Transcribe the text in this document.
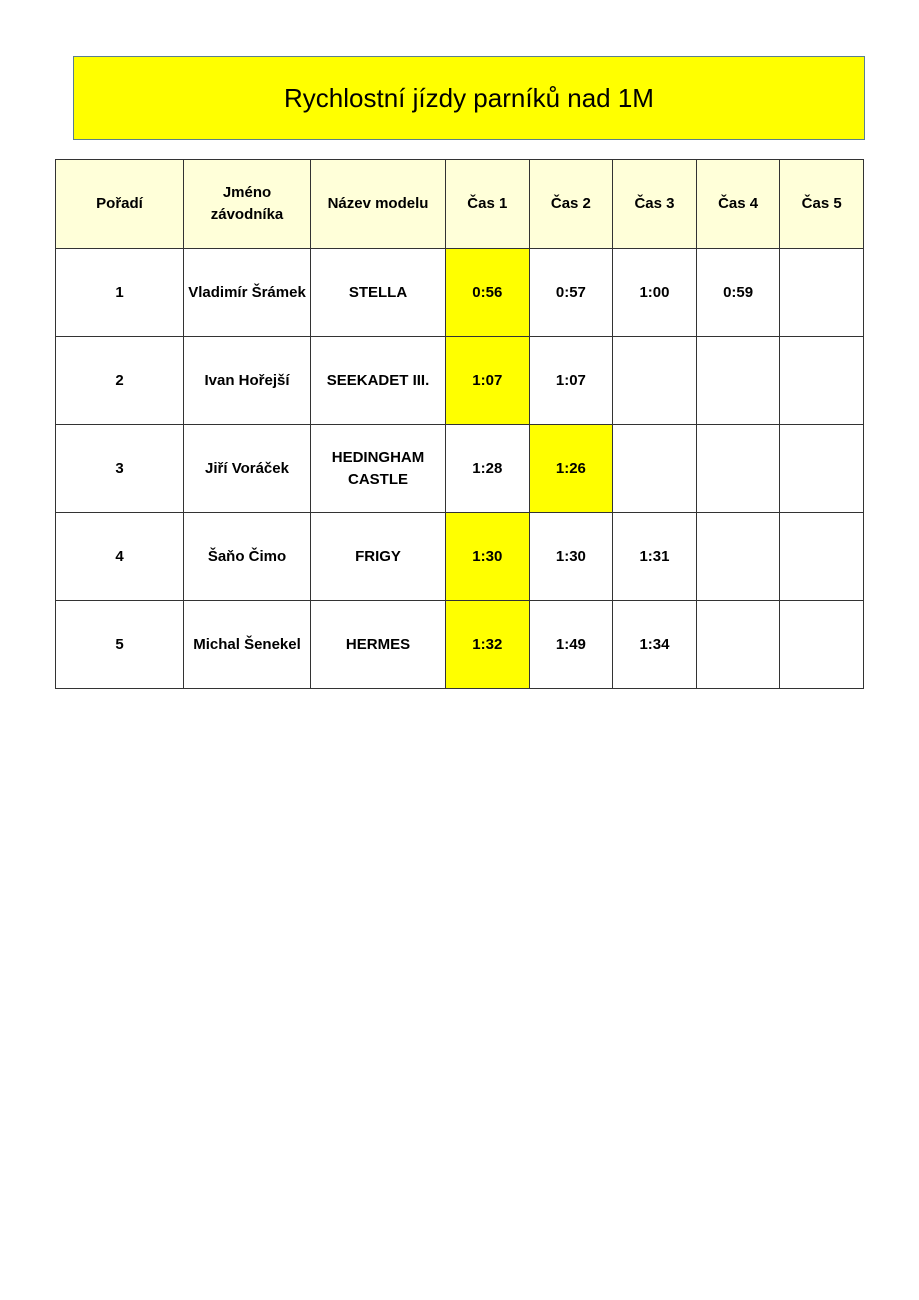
Rychlostní jízdy parníků nad 1M
Pořadí	Jméno závodníka	Název modelu	Čas 1	Čas 2	Čas 3	Čas 4	Čas 5
1	Vladimír Šrámek	STELLA	0:56	0:57	1:00	0:59	
2	Ivan Hořejší	SEEKADET III.	1:07	1:07			
3	Jiří Voráček	HEDINGHAM CASTLE	1:28	1:26			
4	Šaňo Čimo	FRIGY	1:30	1:30	1:31		
5	Michal Šenekel	HERMES	1:32	1:49	1:34		
